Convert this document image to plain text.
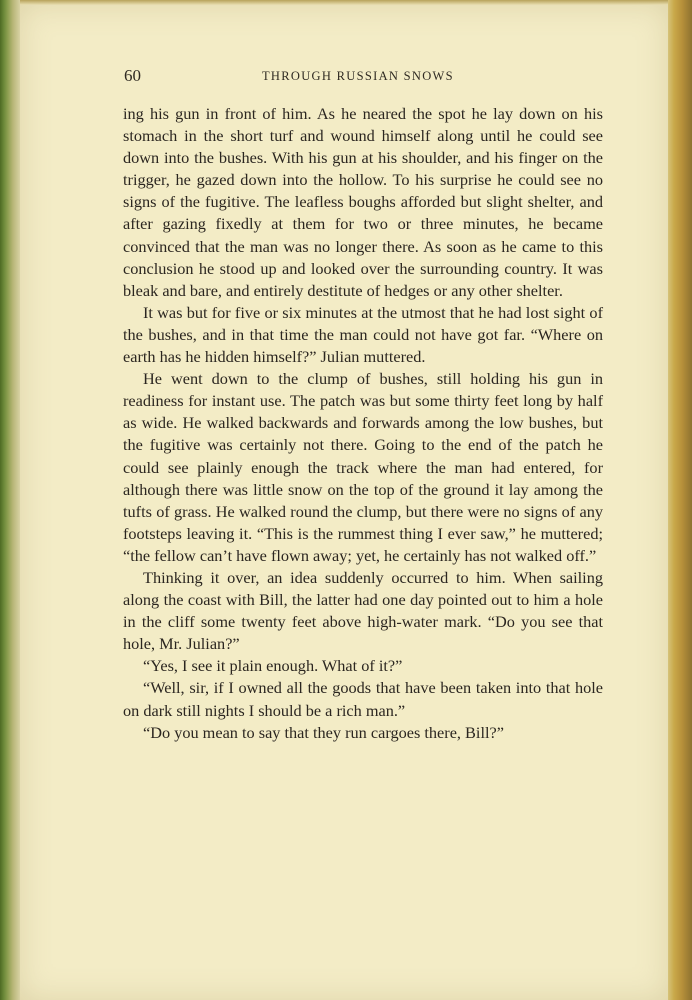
60	THROUGH RUSSIAN SNOWS

ing his gun in front of him. As he neared the spot he lay down on his stomach in the short turf and wound himself along until he could see down into the bushes. With his gun at his shoulder, and his finger on the trigger, he gazed down into the hollow. To his surprise he could see no signs of the fugitive. The leafless boughs afforded but slight shelter, and after gazing fixedly at them for two or three minutes, he became convinced that the man was no longer there. As soon as he came to this conclusion he stood up and looked over the surrounding country. It was bleak and bare, and entirely destitute of hedges or any other shelter.

It was but for five or six minutes at the utmost that he had lost sight of the bushes, and in that time the man could not have got far. “Where on earth has he hidden himself?” Julian muttered.

He went down to the clump of bushes, still holding his gun in readiness for instant use. The patch was but some thirty feet long by half as wide. He walked backwards and forwards among the low bushes, but the fugitive was certainly not there. Going to the end of the patch he could see plainly enough the track where the man had entered, for although there was little snow on the top of the ground it lay among the tufts of grass. He walked round the clump, but there were no signs of any footsteps leaving it. “This is the rummest thing I ever saw,” he muttered; “the fellow can’t have flown away; yet, he certainly has not walked off.”

Thinking it over, an idea suddenly occurred to him. When sailing along the coast with Bill, the latter had one day pointed out to him a hole in the cliff some twenty feet above high-water mark. “Do you see that hole, Mr. Julian?”

“Yes, I see it plain enough. What of it?”

“Well, sir, if I owned all the goods that have been taken into that hole on dark still nights I should be a rich man.”

“Do you mean to say that they run cargoes there, Bill?”
